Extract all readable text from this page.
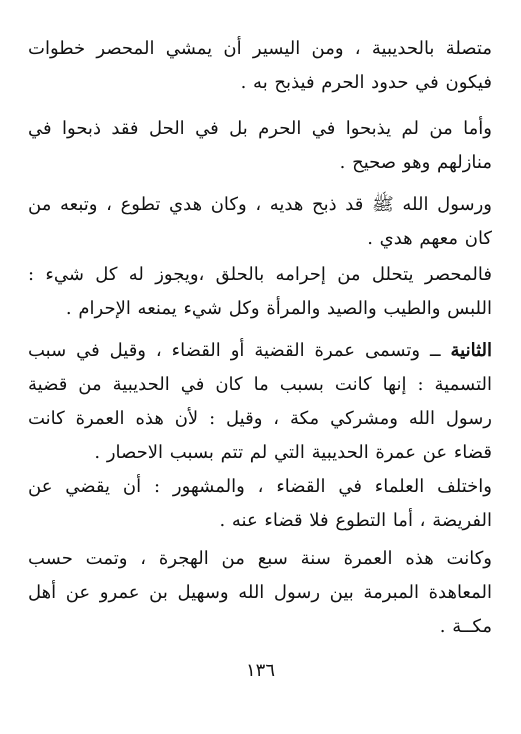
متصلة بالحديبية ، ومن اليسير أن يمشي المحصر خطوات فيكون في حدود الحرم فيذبح به .

وأما من لم يذبحوا في الحرم بل في الحل فقد ذبحوا في منازلهم وهو صحيح .

ورسول الله ﷺ قد ذبح هديه ، وكان هدي تطوع ، وتبعه من كان معهم هدي .

فالمحصر يتحلل من إحرامه بالحلق ،ويجوز له كل شيء : اللبس والطيب والصيد والمرأة وكل شيء يمنعه الإحرام .

الثانية ــ وتسمى عمرة القضية أو القضاء ، وقيل في سبب التسمية : إنها كانت بسبب ما كان في الحديبية من قضية رسول الله ومشركي مكة ، وقيل : لأن هذه العمرة كانت قضاء عن عمرة الحديبية التي لم تتم بسبب الاحصار .

واختلف العلماء في القضاء ، والمشهور : أن يقضي عن الفريضة ، أما التطوع فلا قضاء عنه .

وكانت هذه العمرة سنة سبع من الهجرة ، وتمت حسب المعاهدة المبرمة بين رسول الله وسهيل بن عمرو عن أهل مكــة .

١٣٦
